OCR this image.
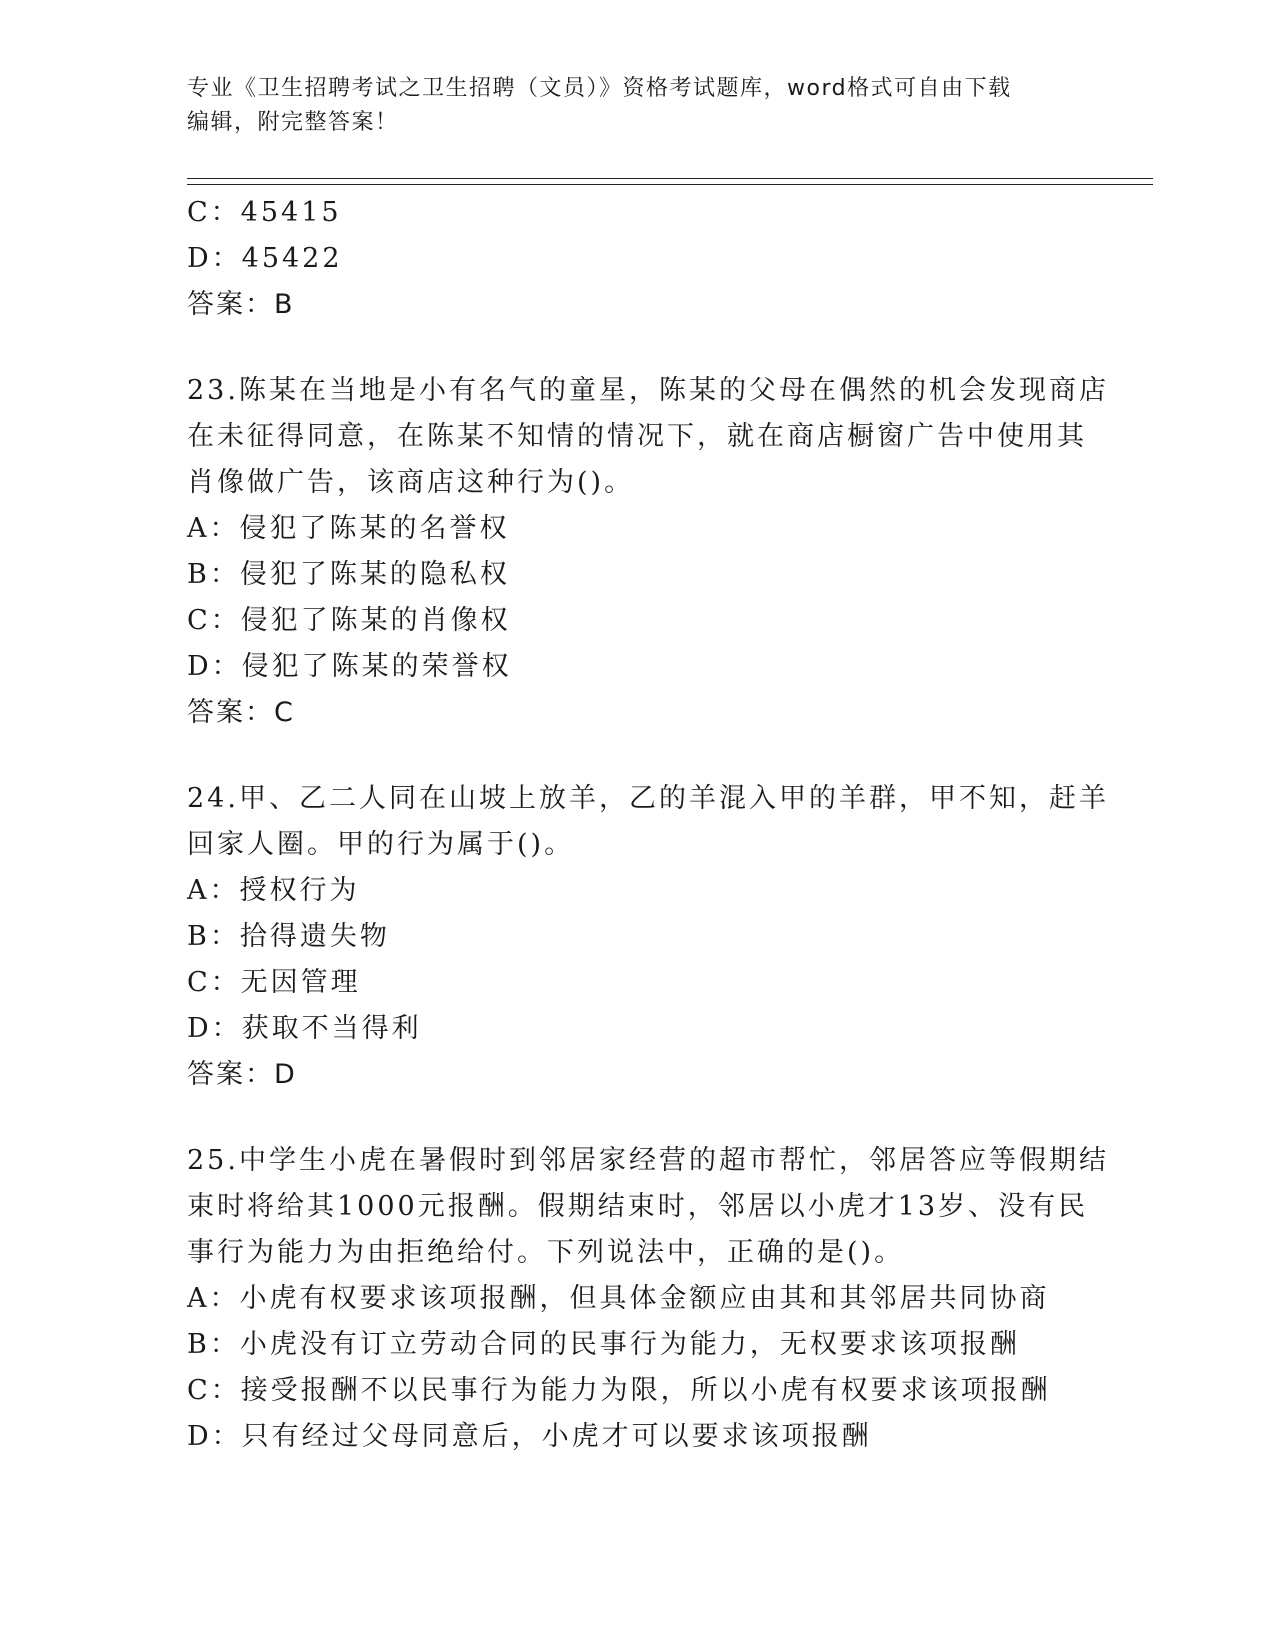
专业《卫生招聘考试之卫生招聘（文员）》资格考试题库，word格式可自由下载
编辑，附完整答案！
C：45415
D：45422
答案：B
23.陈某在当地是小有名气的童星，陈某的父母在偶然的机会发现商店
在未征得同意，在陈某不知情的情况下，就在商店橱窗广告中使用其
肖像做广告，该商店这种行为()。
A：侵犯了陈某的名誉权
B：侵犯了陈某的隐私权
C：侵犯了陈某的肖像权
D：侵犯了陈某的荣誉权
答案：C
24.甲、乙二人同在山坡上放羊，乙的羊混入甲的羊群，甲不知，赶羊
回家人圈。甲的行为属于()。
A：授权行为
B：拾得遗失物
C：无因管理
D：获取不当得利
答案：D
25.中学生小虎在暑假时到邻居家经营的超市帮忙，邻居答应等假期结
束时将给其1000元报酬。假期结束时，邻居以小虎才13岁、没有民
事行为能力为由拒绝给付。下列说法中，正确的是()。
A：小虎有权要求该项报酬，但具体金额应由其和其邻居共同协商
B：小虎没有订立劳动合同的民事行为能力，无权要求该项报酬
C：接受报酬不以民事行为能力为限，所以小虎有权要求该项报酬
D：只有经过父母同意后，小虎才可以要求该项报酬
